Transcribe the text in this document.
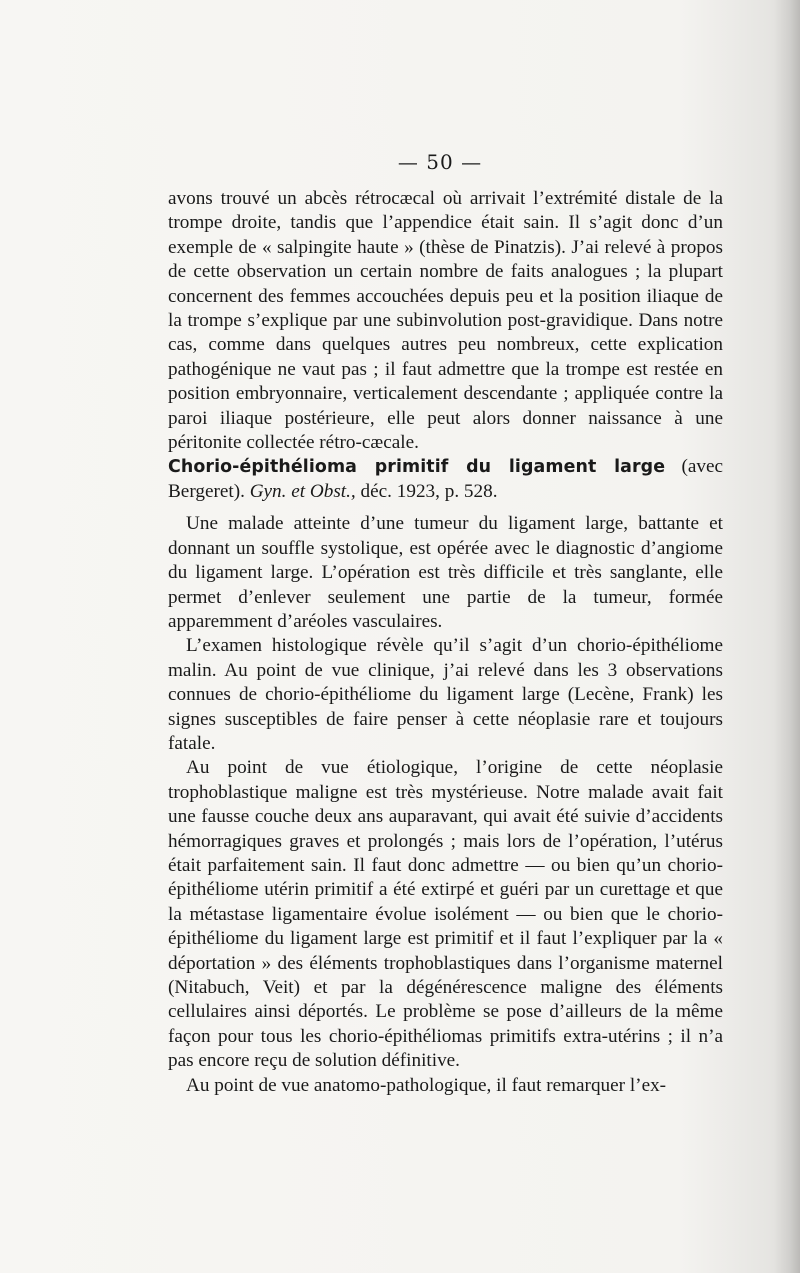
— 50 —

avons trouvé un abcès rétrocæcal où arrivait l’extrémité distale de la trompe droite, tandis que l’appendice était sain. Il s’agit donc d’un exemple de « salpingite haute » (thèse de Pinatzis). J’ai relevé à propos de cette observation un certain nombre de faits analogues ; la plupart concernent des femmes accouchées depuis peu et la position iliaque de la trompe s’explique par une subinvolution post-gravidique. Dans notre cas, comme dans quelques autres peu nombreux, cette explication pathogénique ne vaut pas ; il faut admettre que la trompe est restée en position embryonnaire, verticalement descendante ; appliquée contre la paroi iliaque postérieure, elle peut alors donner naissance à une péritonite collectée rétro-cæcale.

Chorio-épithélioma primitif du ligament large (avec Bergeret). Gyn. et Obst., déc. 1923, p. 528.

Une malade atteinte d’une tumeur du ligament large, battante et donnant un souffle systolique, est opérée avec le diagnostic d’angiome du ligament large. L’opération est très difficile et très sanglante, elle permet d’enlever seulement une partie de la tumeur, formée apparemment d’aréoles vasculaires.

L’examen histologique révèle qu’il s’agit d’un chorio-épithéliome malin. Au point de vue clinique, j’ai relevé dans les 3 observations connues de chorio-épithéliome du ligament large (Lecène, Frank) les signes susceptibles de faire penser à cette néoplasie rare et toujours fatale.

Au point de vue étiologique, l’origine de cette néoplasie trophoblastique maligne est très mystérieuse. Notre malade avait fait une fausse couche deux ans auparavant, qui avait été suivie d’accidents hémorragiques graves et prolongés ; mais lors de l’opération, l’utérus était parfaitement sain. Il faut donc admettre — ou bien qu’un chorio-épithéliome utérin primitif a été extirpé et guéri par un curettage et que la métastase ligamentaire évolue isolément — ou bien que le chorio-épithéliome du ligament large est primitif et il faut l’expliquer par la « déportation » des éléments trophoblastiques dans l’organisme maternel (Nitabuch, Veit) et par la dégénérescence maligne des éléments cellulaires ainsi déportés. Le problème se pose d’ailleurs de la même façon pour tous les chorio-épithéliomas primitifs extra-utérins ; il n’a pas encore reçu de solution définitive.

Au point de vue anatomo-pathologique, il faut remarquer l’ex-
